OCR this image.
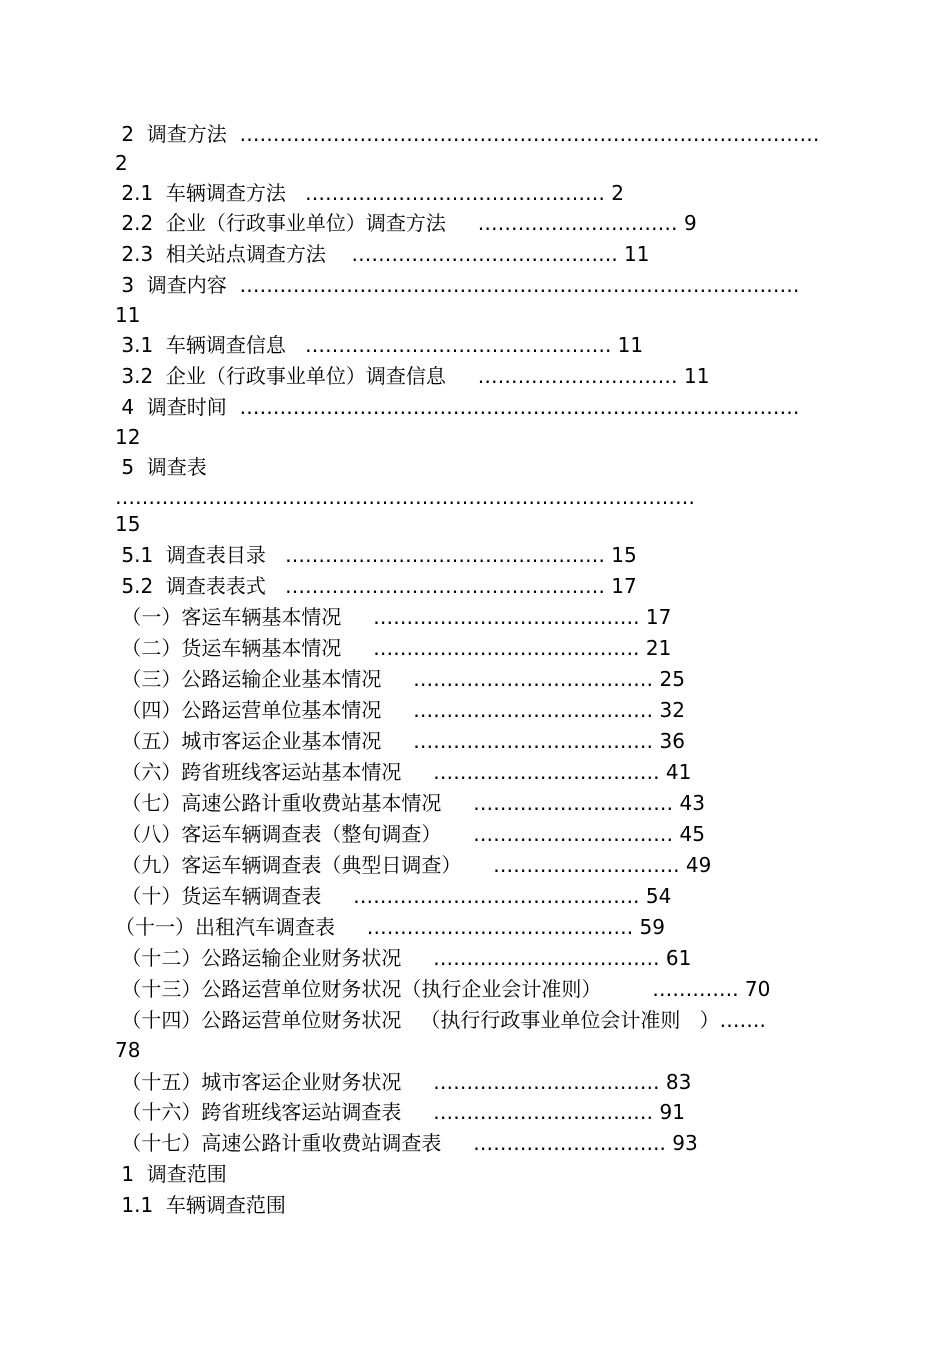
2  调查方法  ……………………………………………………………………………
2
2.1  车辆调查方法   ……………………………………… 2
2.2  企业（行政事业单位）调查方法     ………………………… 9
2.3  相关站点调查方法    …………………………………. 11
3  调查内容  …………………………………………………………………………
11
3.1  车辆调查信息   ………………………………………. 11
3.2  企业（行政事业单位）调查信息     ………………………… 11
4  调查时间  …………………………………………………………………………
12
5  调查表
……………………………………………………………………………
15
5.1  调查表目录   ………………………………………… 15
5.2  调查表表式   ………………………………………… 17
（一）客运车辆基本情况     …………………………………. 17
（二）货运车辆基本情况     …………………………………. 21
（三）公路运输企业基本情况     ……………………………… 25
（四）公路运营单位基本情况     ……………………………… 32
（五）城市客运企业基本情况     ……………………………… 36
（六）跨省班线客运站基本情况     ……………………………. 41
（七）高速公路计重收费站基本情况     ………………………… 43
（八）客运车辆调查表（整旬调查）     ………………………… 45
（九）客运车辆调查表（典型日调查）     ………………………. 49
（十）货运车辆调查表     ……………………………………. 54
（十一）出租汽车调查表     …………………………………. 59
（十二）公路运输企业财务状况     ……………………………. 61
（十三）公路运营单位财务状况（执行企业会计准则）        …………. 70
（十四）公路运营单位财务状况   （执行行政事业单位会计准则   ）…….
78
（十五）城市客运企业财务状况     ……………………………. 83
（十六）跨省班线客运站调查表     …………………………… 91
（十七）高速公路计重收费站调查表     ……………………….. 93
1  调查范围
1.1  车辆调查范围
